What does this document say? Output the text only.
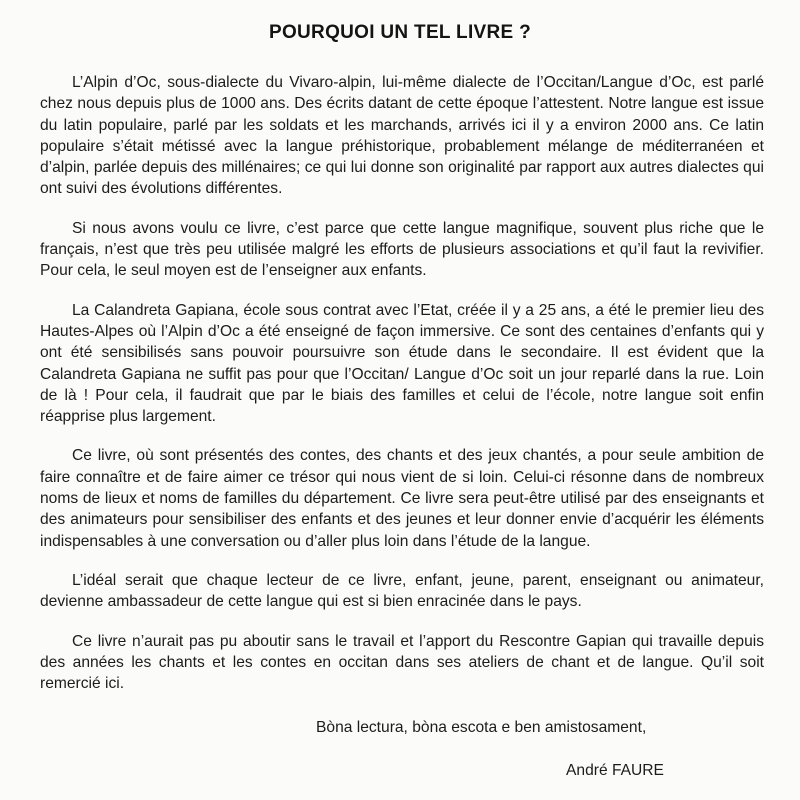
POURQUOI UN TEL LIVRE ?

L’Alpin d’Oc, sous-dialecte du Vivaro-alpin, lui-même dialecte de l’Occitan/Langue d’Oc, est parlé chez nous depuis plus de 1000 ans. Des écrits datant de cette époque l’attestent. Notre langue est issue du latin populaire, parlé par les soldats et les marchands, arrivés ici il y a environ 2000 ans. Ce latin populaire s’était métissé avec la langue préhistorique, probablement mélange de méditerranéen et d’alpin, parlée depuis des millénaires; ce qui lui donne son originalité par rapport aux autres dialectes qui ont suivi des évolutions différentes.

Si nous avons voulu ce livre, c’est parce que cette langue magnifique, souvent plus riche que le français, n’est que très peu utilisée malgré les efforts de plusieurs associations et qu’il faut la revivifier. Pour cela, le seul moyen est de l’enseigner aux enfants.

La Calandreta Gapiana, école sous contrat avec l’Etat, créée il y a 25 ans, a été le premier lieu des Hautes-Alpes où l’Alpin d’Oc a été enseigné de façon immersive. Ce sont des centaines d’enfants qui y ont été sensibilisés sans pouvoir poursuivre son étude dans le secondaire. Il est évident que la Calandreta Gapiana ne suffit pas pour que l’Occitan/ Langue d’Oc soit un jour reparlé dans la rue. Loin de là ! Pour cela, il faudrait que par le biais des familles et celui de l’école, notre langue soit enfin réapprise plus largement.

Ce livre, où sont présentés des contes, des chants et des jeux chantés, a pour seule ambition de faire connaître et de faire aimer ce trésor qui nous vient de si loin. Celui-ci résonne dans de nombreux noms de lieux et noms de familles du département. Ce livre sera peut-être utilisé par des enseignants et des animateurs pour sensibiliser des enfants et des jeunes et leur donner envie d’acquérir les éléments indispensables à une conversation ou d’aller plus loin dans l’étude de la langue.

L’idéal serait que chaque lecteur de ce livre, enfant, jeune, parent, enseignant ou animateur, devienne ambassadeur de cette langue qui est si bien enracinée dans le pays.

Ce livre n’aurait pas pu aboutir sans le travail et l’apport du Rescontre Gapian qui travaille depuis des années les chants et les contes en occitan dans ses ateliers de chant et de langue. Qu’il soit remercié ici.

Bòna lectura, bòna escota e ben amistosament,
André FAURE
